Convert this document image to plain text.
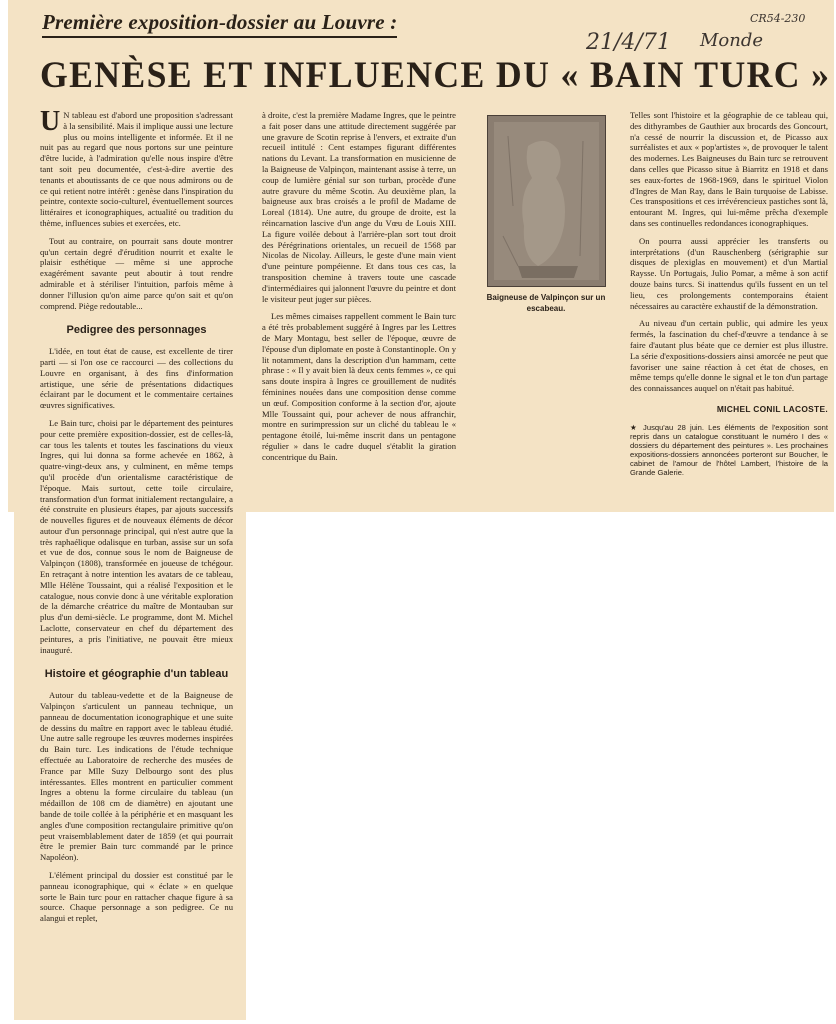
Première exposition-dossier au Louvre :
21/4/71 Monde
CR54-230
GENÈSE ET INFLUENCE DU « BAIN TURC »

U N tableau est d'abord une proposition s'adressant à la sensibilité. Mais il implique aussi une lecture plus ou moins intelligente et informée. Et il ne nuit pas au regard que nous portons sur une peinture d'être lucide, à l'admiration qu'elle nous inspire d'être tant soit peu documentée, c'est-à-dire avertie des tenants et aboutissants de ce que nous admirons ou de ce qui retient notre intérêt : genèse dans l'inspiration du peintre, contexte socio-culturel, éventuellement sources littéraires et iconographiques, actualité ou tradition du thème, influences subies et exercées, etc.

Tout au contraire, on pourrait sans doute montrer qu'un certain degré d'érudition nourrit et exalte le plaisir esthétique — même si une approche exagérément savante peut aboutir à tout rendre admirable et à stériliser l'intuition, parfois même à donner l'illusion qu'on aime parce qu'on sait et qu'on comprend. Piège redoutable...

Pedigree des personnages

L'idée, en tout état de cause, est excellente de tirer parti — si l'on ose ce raccourci — des collections du Louvre en organisant, à des fins d'information artistique, une série de présentations didactiques éclairant par le document et le commentaire certaines œuvres significatives.

Le Bain turc, choisi par le département des peintures pour cette première exposition-dossier, est de celles-là, car tous les talents et toutes les fascinations du vieux Ingres, qui lui donna sa forme achevée en 1862, à quatre-vingt-deux ans, y culminent, en même temps qu'il procède d'un orientalisme caractéristique de l'époque. Mais surtout, cette toile circulaire, transformation d'un format initialement rectangulaire, a été construite en plusieurs étapes, par ajouts successifs de nouvelles figures et de nouveaux éléments de décor autour d'un personnage principal, qui n'est autre que la très raphaélique odalisque en turban, assise sur un sofa et vue de dos, connue sous le nom de Baigneuse de Valpinçon (1808), transformée en joueuse de tchégour. En retraçant à notre intention les avatars de ce tableau, Mlle Hélène Toussaint, qui a réalisé l'exposition et le catalogue, nous convie donc à une véritable exploration de la démarche créatrice du maître de Montauban sur plus d'un demi-siècle. Le programme, dont M. Michel Laclotte, conservateur en chef du département des peintures, a pris l'initiative, ne pouvait être mieux inauguré.

Histoire et géographie d'un tableau

Autour du tableau-vedette et de la Baigneuse de Valpinçon s'articulent un panneau technique, un panneau de documentation iconographique et une suite de dessins du maître en rapport avec le tableau étudié. Une autre salle regroupe les œuvres modernes inspirées du Bain turc. Les indications de l'étude technique effectuée au Laboratoire de recherche des musées de France par Mlle Suzy Delbourgo sont des plus intéressantes. Elles montrent en particulier comment Ingres a obtenu la forme circulaire du tableau (un médaillon de 108 cm de diamètre) en ajoutant une bande de toile collée à la périphérie et en masquant les angles d'une composition rectangulaire primitive qu'on peut vraisemblablement dater de 1859 (et qui pourrait être le premier Bain turc commandé par le prince Napoléon).

L'élément principal du dossier est constitué par le panneau iconographique, qui « éclate » en quelque sorte le Bain turc pour en rattacher chaque figure à sa source. Chaque personnage a son pedigree. Ce nu alangui et replet,

à droite, c'est la première Madame Ingres, que le peintre a fait poser dans une attitude directement suggérée par une gravure de Scotin reprise à l'envers, et extraite d'un recueil intitulé : Cent estampes figurant différentes nations du Levant. La transformation en musicienne de la Baigneuse de Valpinçon, maintenant assise à terre, un coup de lumière génial sur son turban, procède d'une autre gravure du même Scotin. Au deuxième plan, la baigneuse aux bras croisés a le profil de Madame de Loreal (1814). Une autre, du groupe de droite, est la réincarnation lascive d'un ange du Vœu de Louis XIII. La figure voilée debout à l'arrière-plan sort tout droit des Pérégrinations orientales, un recueil de 1568 par Nicolas de Nicolay. Ailleurs, le geste d'une main vient d'une peinture pompéienne. Et dans tous ces cas, la transposition chemine à travers toute une cascade d'intermédiaires qui jalonnent l'œuvre du peintre et dont le visiteur peut juger sur pièces.

Les mêmes cimaises rappellent comment le Bain turc a été très probablement suggéré à Ingres par les Lettres de Mary Montagu, best seller de l'époque, œuvre de l'épouse d'un diplomate en poste à Constantinople. On y lit notamment, dans la description d'un hammam, cette phrase : « Il y avait bien là deux cents femmes », ce qui sans doute inspira à Ingres ce grouillement de nudités féminines nouées dans une composition dense comme un œuf. Composition conforme à la section d'or, ajoute Mlle Toussaint qui, pour achever de nous affranchir, montre en surimpression sur un cliché du tableau le « pentagone étoilé, lui-même inscrit dans un pentagone régulier » dans le cadre duquel s'établit la giration concentrique du Bain.

Baigneuse de Valpinçon sur un escabeau.

Telles sont l'histoire et la géographie de ce tableau qui, des dithyrambes de Gauthier aux brocards des Goncourt, n'a cessé de nourrir la discussion et, de Picasso aux surréalistes et aux « pop'artistes », de provoquer le talent des modernes. Les Baigneuses du Bain turc se retrouvent dans celles que Picasso situe à Biarritz en 1918 et dans ses eaux-fortes de 1968-1969, dans le spirituel Violon d'Ingres de Man Ray, dans le Bain turquoise de Labisse. Ces transpositions et ces irrévérencieux pastiches sont là, entourant M. Ingres, qui lui-même prêcha d'exemple dans ses continuelles redondances iconographiques.

On pourra aussi apprécier les transferts ou interprétations (d'un Rauschenberg (sérigraphie sur disques de plexiglas en mouvement) et d'un Martial Raysse. Un Portugais, Julio Pomar, a même à son actif douze bains turcs. Si inattendus qu'ils fussent en un tel lieu, ces prolongements contemporains étaient nécessaires au caractère exhaustif de la démonstration.

Au niveau d'un certain public, qui admire les yeux fermés, la fascination du chef-d'œuvre a tendance à se faire d'autant plus béate que ce dernier est plus illustre. La série d'expositions-dossiers ainsi amorcée ne peut que favoriser une saine réaction à cet état de choses, en même temps qu'elle donne le signal et le ton d'un partage des connaissances auquel on n'était pas habitué.

MICHEL CONIL LACOSTE.
★ Jusqu'au 28 juin. Les éléments de l'exposition sont repris dans un catalogue constituant le numéro I des « dossiers du département des peintures ». Les prochaines expositions-dossiers annoncées porteront sur Boucher, le cabinet de l'amour de l'hôtel Lambert, l'histoire de la Grande Galerie.
